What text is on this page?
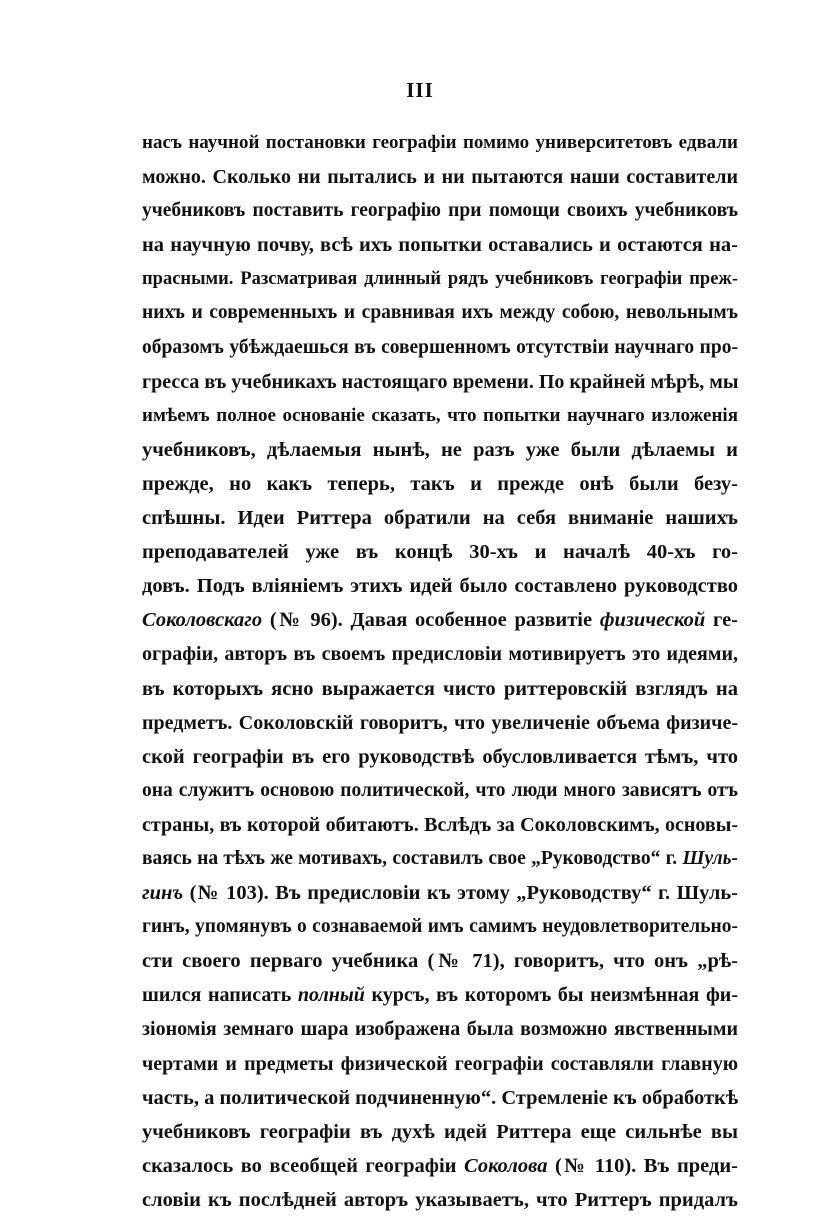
III
насъ научной постановки географіи помимо университетовъ едвали
можно. Сколько ни пытались и ни пытаются наши составители
учебниковъ поставить географію при помощи своихъ учебниковъ
на научную почву, всѣ ихъ попытки оставались и остаются на-
прасными. Разсматривая длинный рядъ учебниковъ географіи преж-
нихъ и современныхъ и сравнивая ихъ между собою, невольнымъ
образомъ убѣждаешься въ совершенномъ отсутствіи научнаго про-
гресса въ учебникахъ настоящаго времени. По крайней мѣрѣ, мы
имѣемъ полное основаніе сказать, что попытки научнаго изложенія
учебниковъ, дѣлаемыя нынѣ, не разъ уже были дѣлаемы и
прежде, но какъ теперь, такъ и прежде онѣ были безу-
спѣшны. Идеи Риттера обратили на себя вниманіе нашихъ
преподавателей уже въ концѣ 30-хъ и началѣ 40-хъ го-
довъ. Подъ вліяніемъ этихъ идей было составлено руководство
Соколовскаго (№ 96). Давая особенное развитіе физической ге-
ографіи, авторъ въ своемъ предисловіи мотивируетъ это идеями,
въ которыхъ ясно выражается чисто риттеровскій взглядъ на
предметъ. Соколовскій говоритъ, что увеличеніе объема физиче-
ской географіи въ его руководствѣ обусловливается тѣмъ, что
она служитъ основою политической, что люди много зависятъ отъ
страны, въ которой обитаютъ. Вслѣдъ за Соколовскимъ, основы-
ваясь на тѣхъ же мотивахъ, составилъ свое „Руководство“ г. Шуль-
гинъ (№ 103). Въ предисловіи къ этому „Руководству“ г. Шуль-
гинъ, упомянувъ о сознаваемой имъ самимъ неудовлетворительно-
сти своего перваго учебника (№ 71), говоритъ, что онъ „рѣ-
шился написать полный курсъ, въ которомъ бы неизмѣнная фи-
зіономія земнаго шара изображена была возможно явственными
чертами и предметы физической географіи составляли главную
часть, а политической подчиненную“. Стремленіе къ обработкѣ
учебниковъ географіи въ духѣ идей Риттера еще сильнѣе вы
сказалось во всеобщей географіи Соколова (№ 110). Въ преди-
словіи къ послѣдней авторъ указываетъ, что Риттеръ придалъ
